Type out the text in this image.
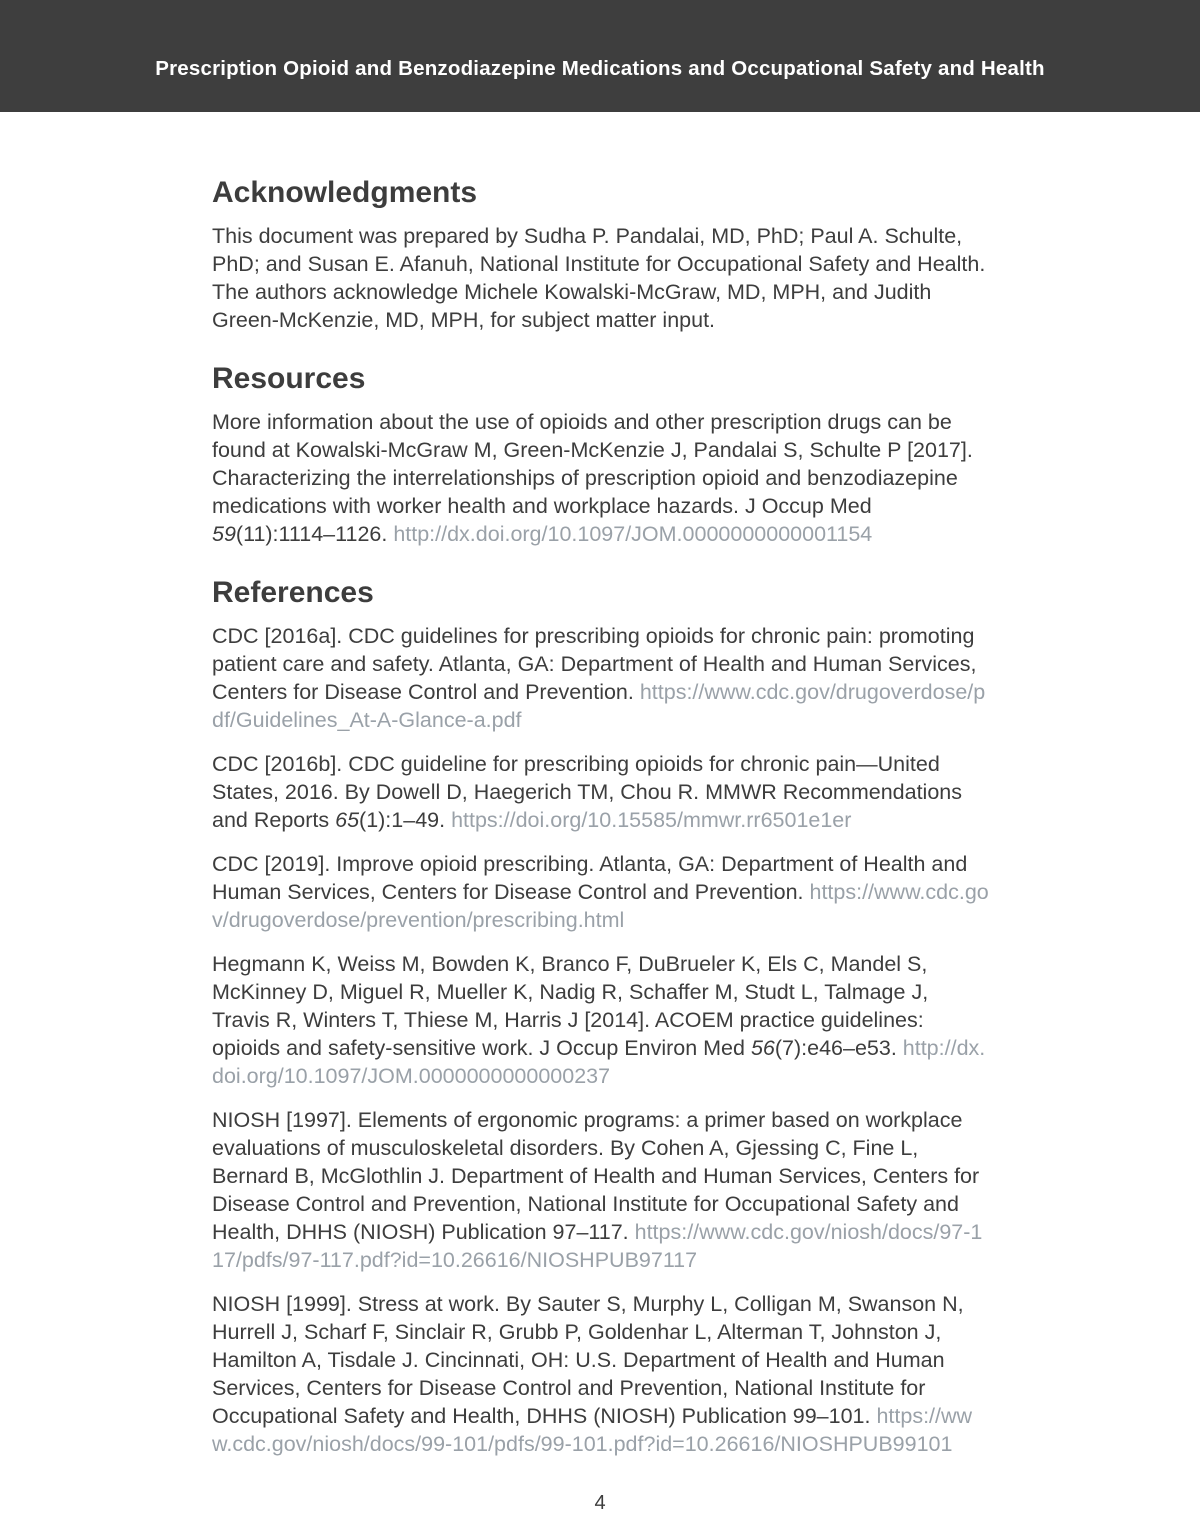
Prescription Opioid and Benzodiazepine Medications and Occupational Safety and Health
Acknowledgments

This document was prepared by Sudha P. Pandalai, MD, PhD; Paul A. Schulte, PhD; and Susan E. Afanuh, National Institute for Occupational Safety and Health. The authors acknowledge Michele Kowalski-McGraw, MD, MPH, and Judith Green-McKenzie, MD, MPH, for subject matter input.

Resources

More information about the use of opioids and other prescription drugs can be found at Kowalski-McGraw M, Green-McKenzie J, Pandalai S, Schulte P [2017]. Characterizing the interrelationships of prescription opioid and benzodiazepine medications with worker health and workplace hazards. J Occup Med 59(11):1114–1126. http://dx.doi.org/10.1097/JOM.0000000000001154

References

CDC [2016a]. CDC guidelines for prescribing opioids for chronic pain: promoting patient care and safety. Atlanta, GA: Department of Health and Human Services, Centers for Disease Control and Prevention. https://www.cdc.gov/drugoverdose/pdf/Guidelines_At-A-Glance-a.pdf

CDC [2016b]. CDC guideline for prescribing opioids for chronic pain—United States, 2016. By Dowell D, Haegerich TM, Chou R. MMWR Recommendations and Reports 65(1):1–49. https://doi.org/10.15585/mmwr.rr6501e1er

CDC [2019]. Improve opioid prescribing. Atlanta, GA: Department of Health and Human Services, Centers for Disease Control and Prevention. https://www.cdc.gov/drugoverdose/prevention/prescribing.html

Hegmann K, Weiss M, Bowden K, Branco F, DuBrueler K, Els C, Mandel S, McKinney D, Miguel R, Mueller K, Nadig R, Schaffer M, Studt L, Talmage J, Travis R, Winters T, Thiese M, Harris J [2014]. ACOEM practice guidelines: opioids and safety-sensitive work. J Occup Environ Med 56(7):e46–e53. http://dx.doi.org/10.1097/JOM.0000000000000237

NIOSH [1997]. Elements of ergonomic programs: a primer based on workplace evaluations of musculoskeletal disorders. By Cohen A, Gjessing C, Fine L, Bernard B, McGlothlin J. Department of Health and Human Services, Centers for Disease Control and Prevention, National Institute for Occupational Safety and Health, DHHS (NIOSH) Publication 97–117. https://www.cdc.gov/niosh/docs/97-117/pdfs/97-117.pdf?id=10.26616/NIOSHPUB97117

NIOSH [1999]. Stress at work. By Sauter S, Murphy L, Colligan M, Swanson N, Hurrell J, Scharf F, Sinclair R, Grubb P, Goldenhar L, Alterman T, Johnston J, Hamilton A, Tisdale J. Cincinnati, OH: U.S. Department of Health and Human Services, Centers for Disease Control and Prevention, National Institute for Occupational Safety and Health, DHHS (NIOSH) Publication 99–101. https://www.cdc.gov/niosh/docs/99-101/pdfs/99-101.pdf?id=10.26616/NIOSHPUB99101

4
